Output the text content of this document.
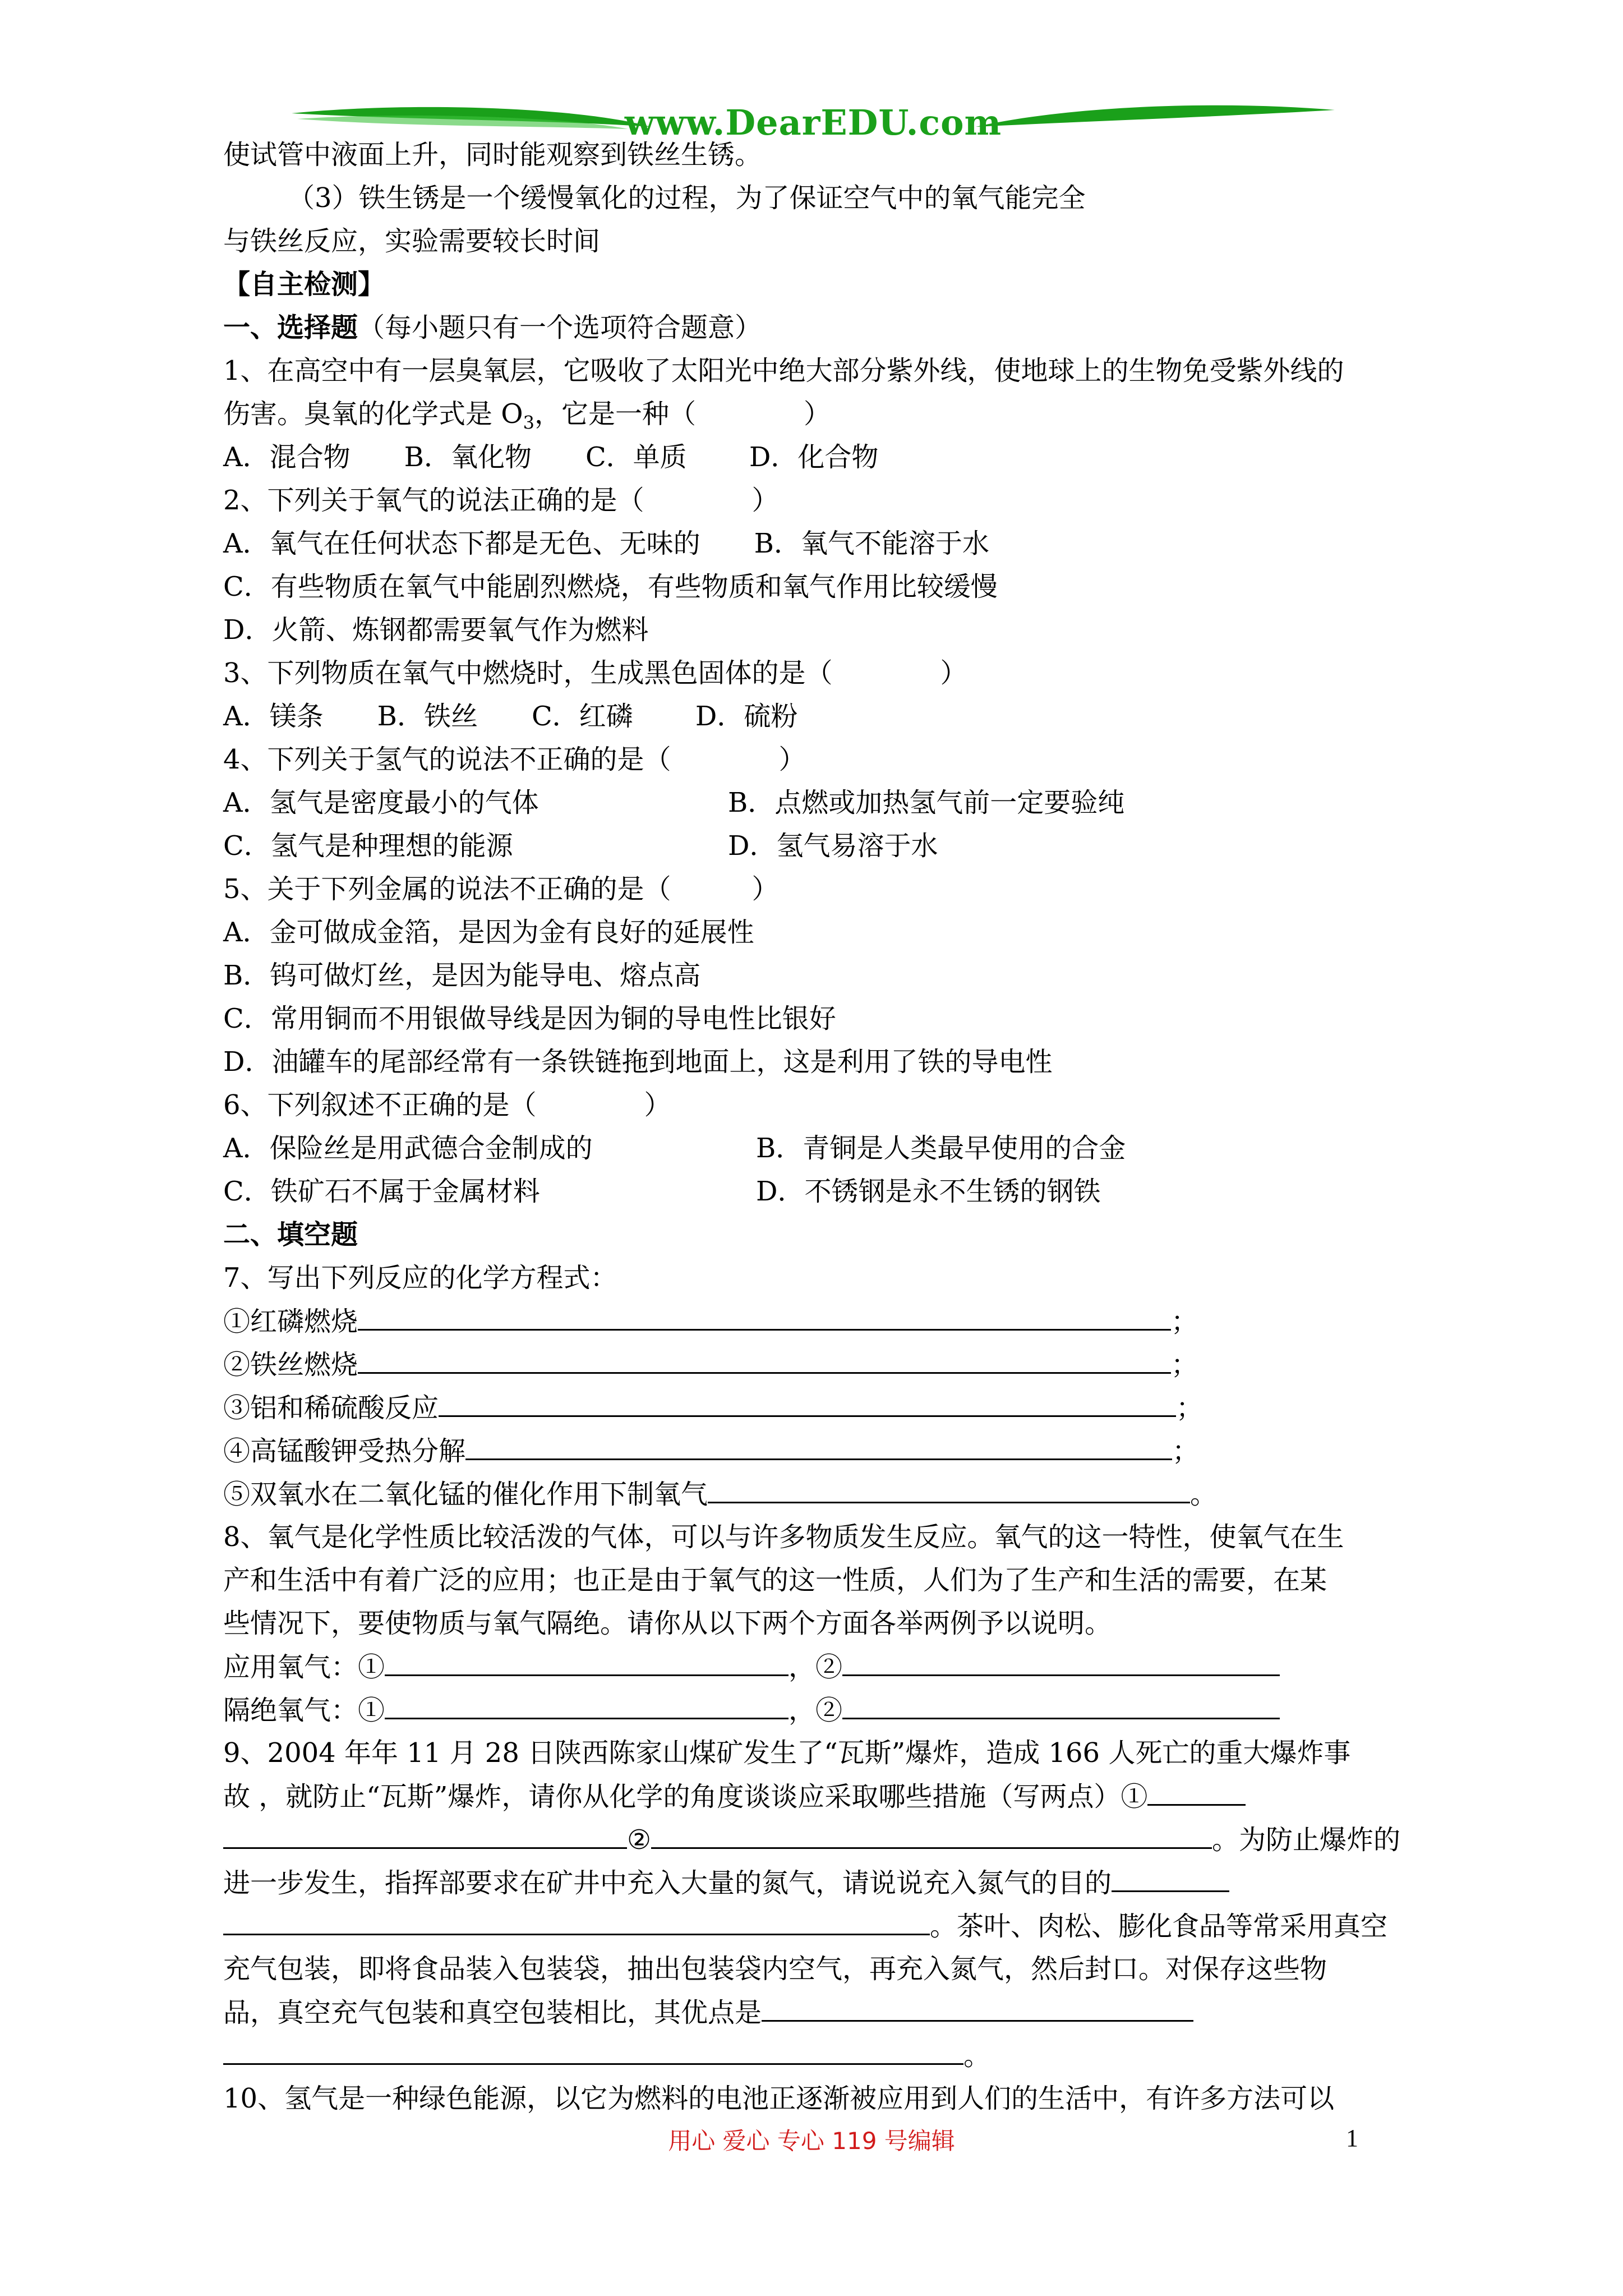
www.DearEDU.com
使试管中液面上升，同时能观察到铁丝生锈。
（3）铁生锈是一个缓慢氧化的过程，为了保证空气中的氧气能完全
与铁丝反应，实验需要较长时间
【自主检测】
一、选择题（每小题只有一个选项符合题意）
1、在高空中有一层臭氧层，它吸收了太阳光中绝大部分紫外线，使地球上的生物免受紫外线的
伤害。臭氧的化学式是 $O_3$，它是一种（　　　　）
A．混合物　　B．氧化物　　C．单质　　 D．化合物
2、下列关于氧气的说法正确的是（　　　　）
A．氧气在任何状态下都是无色、无味的　　B．氧气不能溶于水
C．有些物质在氧气中能剧烈燃烧，有些物质和氧气作用比较缓慢
D．火箭、炼钢都需要氧气作为燃料
3、下列物质在氧气中燃烧时，生成黑色固体的是（　　　　）
A．镁条　　B．铁丝　　C．红磷　　 D．硫粉
4、下列关于氢气的说法不正确的是（　　　　）
A．氢气是密度最小的气体	B．点燃或加热氢气前一定要验纯
C．氢气是种理想的能源	D．氢气易溶于水
5、关于下列金属的说法不正确的是（　　　）
A．金可做成金箔，是因为金有良好的延展性
B．钨可做灯丝，是因为能导电、熔点高
C．常用铜而不用银做导线是因为铜的导电性比银好
D．油罐车的尾部经常有一条铁链拖到地面上，这是利用了铁的导电性
6、下列叙述不正确的是（　　　　）
A．保险丝是用武德合金制成的	B．青铜是人类最早使用的合金
C．铁矿石不属于金属材料	D．不锈钢是永不生锈的钢铁
二、填空题
7、写出下列反应的化学方程式：
①红磷燃烧	；
②铁丝燃烧	；
③铝和稀硫酸反应	；
④高锰酸钾受热分解	；
⑤双氧水在二氧化锰的催化作用下制氧气	。
8、氧气是化学性质比较活泼的气体，可以与许多物质发生反应。氧气的这一特性，使氧气在生
产和生活中有着广泛的应用；也正是由于氧气的这一性质，人们为了生产和生活的需要，在某
些情况下，要使物质与氧气隔绝。请你从以下两个方面各举两例予以说明。
应用氧气：①	，②
隔绝氧气：①	，②
9、2004 年年 11 月 28 日陕西陈家山煤矿发生了“瓦斯”爆炸，造成 166 人死亡的重大爆炸事
故 ，就防止“瓦斯”爆炸，请你从化学的角度谈谈应采取哪些措施（写两点）①
②	。为防止爆炸的
进一步发生，指挥部要求在矿井中充入大量的氮气，请说说充入氮气的目的
。茶叶、肉松、膨化食品等常采用真空
充气包装，即将食品装入包装袋，抽出包装袋内空气，再充入氮气，然后封口。对保存这些物
品，真空充气包装和真空包装相比，其优点是
。
10、氢气是一种绿色能源，以它为燃料的电池正逐渐被应用到人们的生活中，有许多方法可以
用心 爱心 专心 119 号编辑	1
